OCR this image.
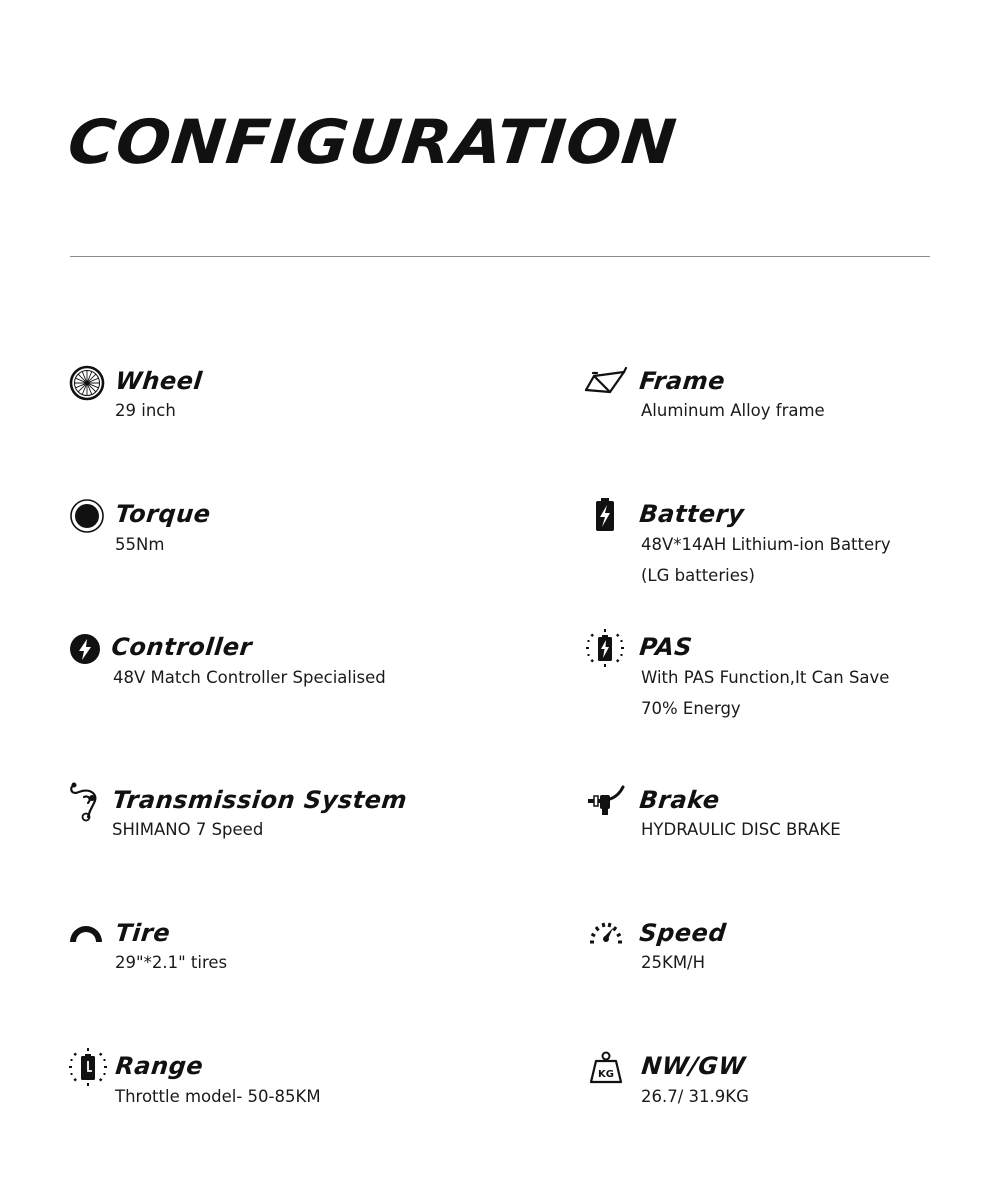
CONFIGURATION
Wheel
29 inch
Frame
Aluminum Alloy frame
Torque
55Nm
Battery
48V*14AH Lithium-ion Battery
(LG batteries)
Controller
48V Match Controller Specialised
PAS
With PAS Function,It Can Save
70% Energy
Transmission System
SHIMANO 7 Speed
Brake
HYDRAULIC DISC BRAKE
Tire
29"*2.1" tires
Speed
25KM/H
Range
Throttle model- 50-85KM
KG NW/GW
26.7/ 31.9KG
